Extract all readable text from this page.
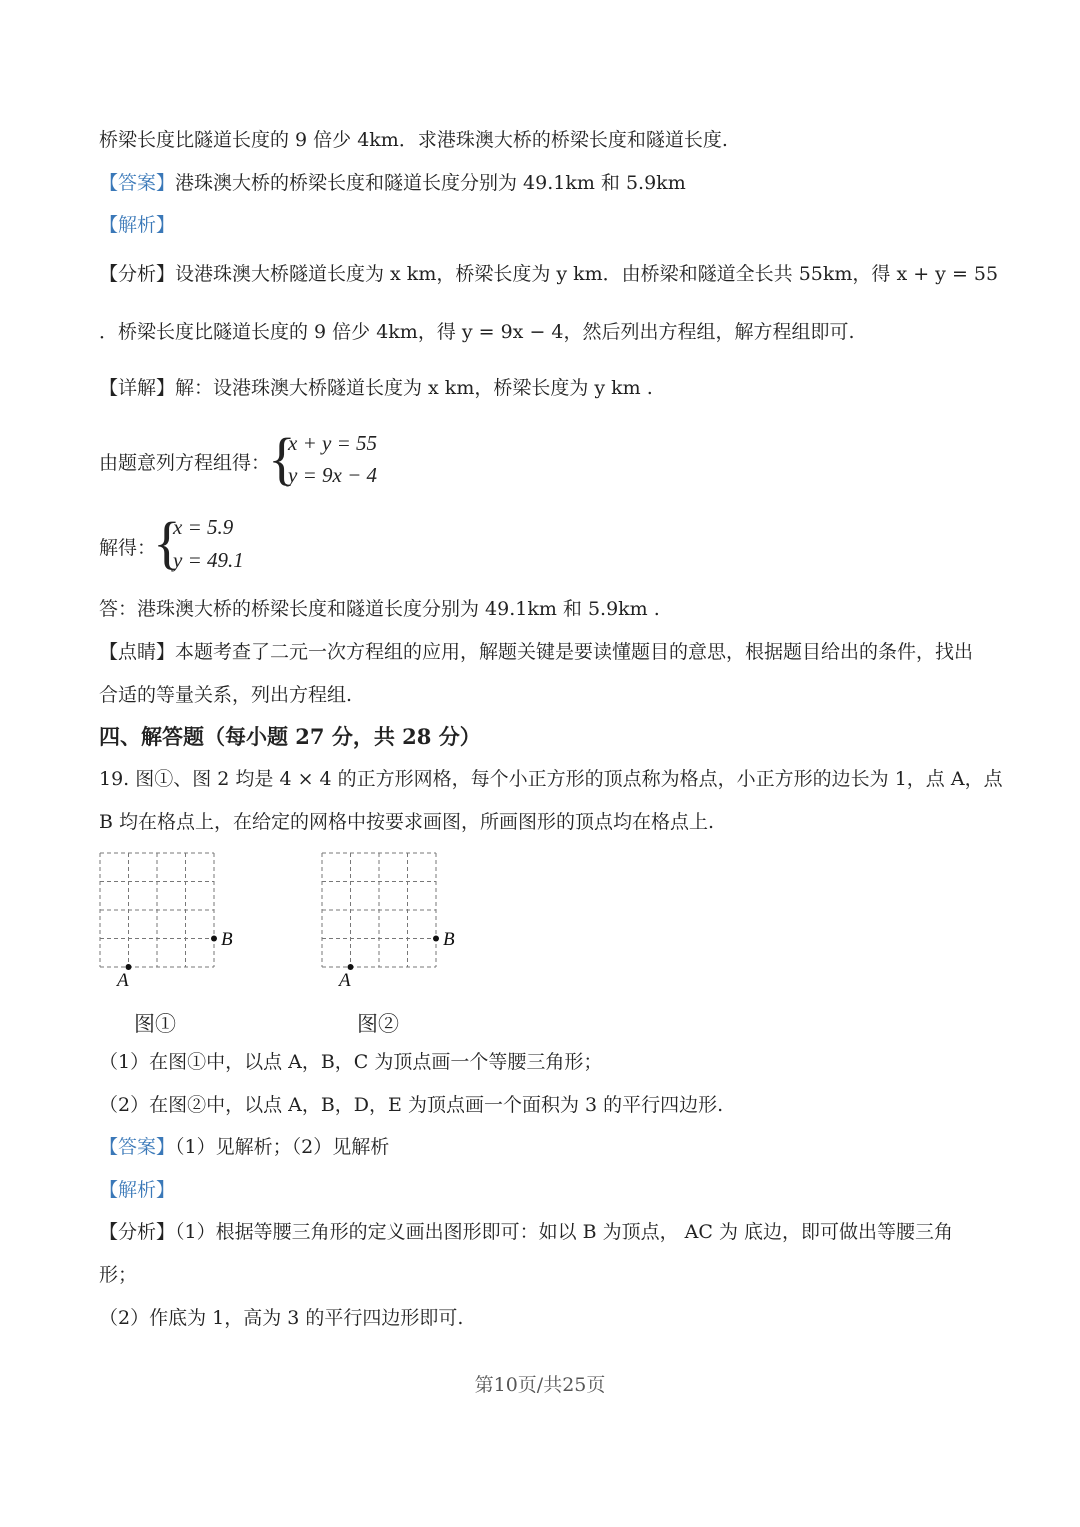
桥梁长度比隧道长度的 9 倍少 4km．求港珠澳大桥的桥梁长度和隧道长度.
【答案】港珠澳大桥的桥梁长度和隧道长度分别为 49.1km 和 5.9km
【解析】
【分析】设港珠澳大桥隧道长度为 x km，桥梁长度为 y km．由桥梁和隧道全长共 55km，得 x + y = 55
．桥梁长度比隧道长度的 9 倍少 4km，得 y = 9x − 4，然后列出方程组，解方程组即可.
【详解】解：设港珠澳大桥隧道长度为 x km，桥梁长度为 y km .
由题意列方程组得：
{
x + y = 55
y = 9x − 4
解得：
{
x = 5.9
y = 49.1
答：港珠澳大桥的桥梁长度和隧道长度分别为 49.1km 和 5.9km .
【点睛】本题考查了二元一次方程组的应用，解题关键是要读懂题目的意思，根据题目给出的条件，找出
合适的等量关系，列出方程组.
四、解答题（每小题 27 分，共 28 分）
19. 图①、图 2 均是 4 × 4 的正方形网格，每个小正方形的顶点称为格点，小正方形的边长为 1，点 A，点
B 均在格点上，在给定的网格中按要求画图，所画图形的顶点均在格点上.
A
B
图①
A
B
图②
（1）在图①中，以点 A，B，C 为顶点画一个等腰三角形；
（2）在图②中，以点 A，B，D，E 为顶点画一个面积为 3 的平行四边形.
【答案】（1）见解析；（2）见解析
【解析】
【分析】（1）根据等腰三角形的定义画出图形即可：如以 B 为顶点， AC 为 底边，即可做出等腰三角
形；
（2）作底为 1，高为 3 的平行四边形即可.
第10页/共25页
